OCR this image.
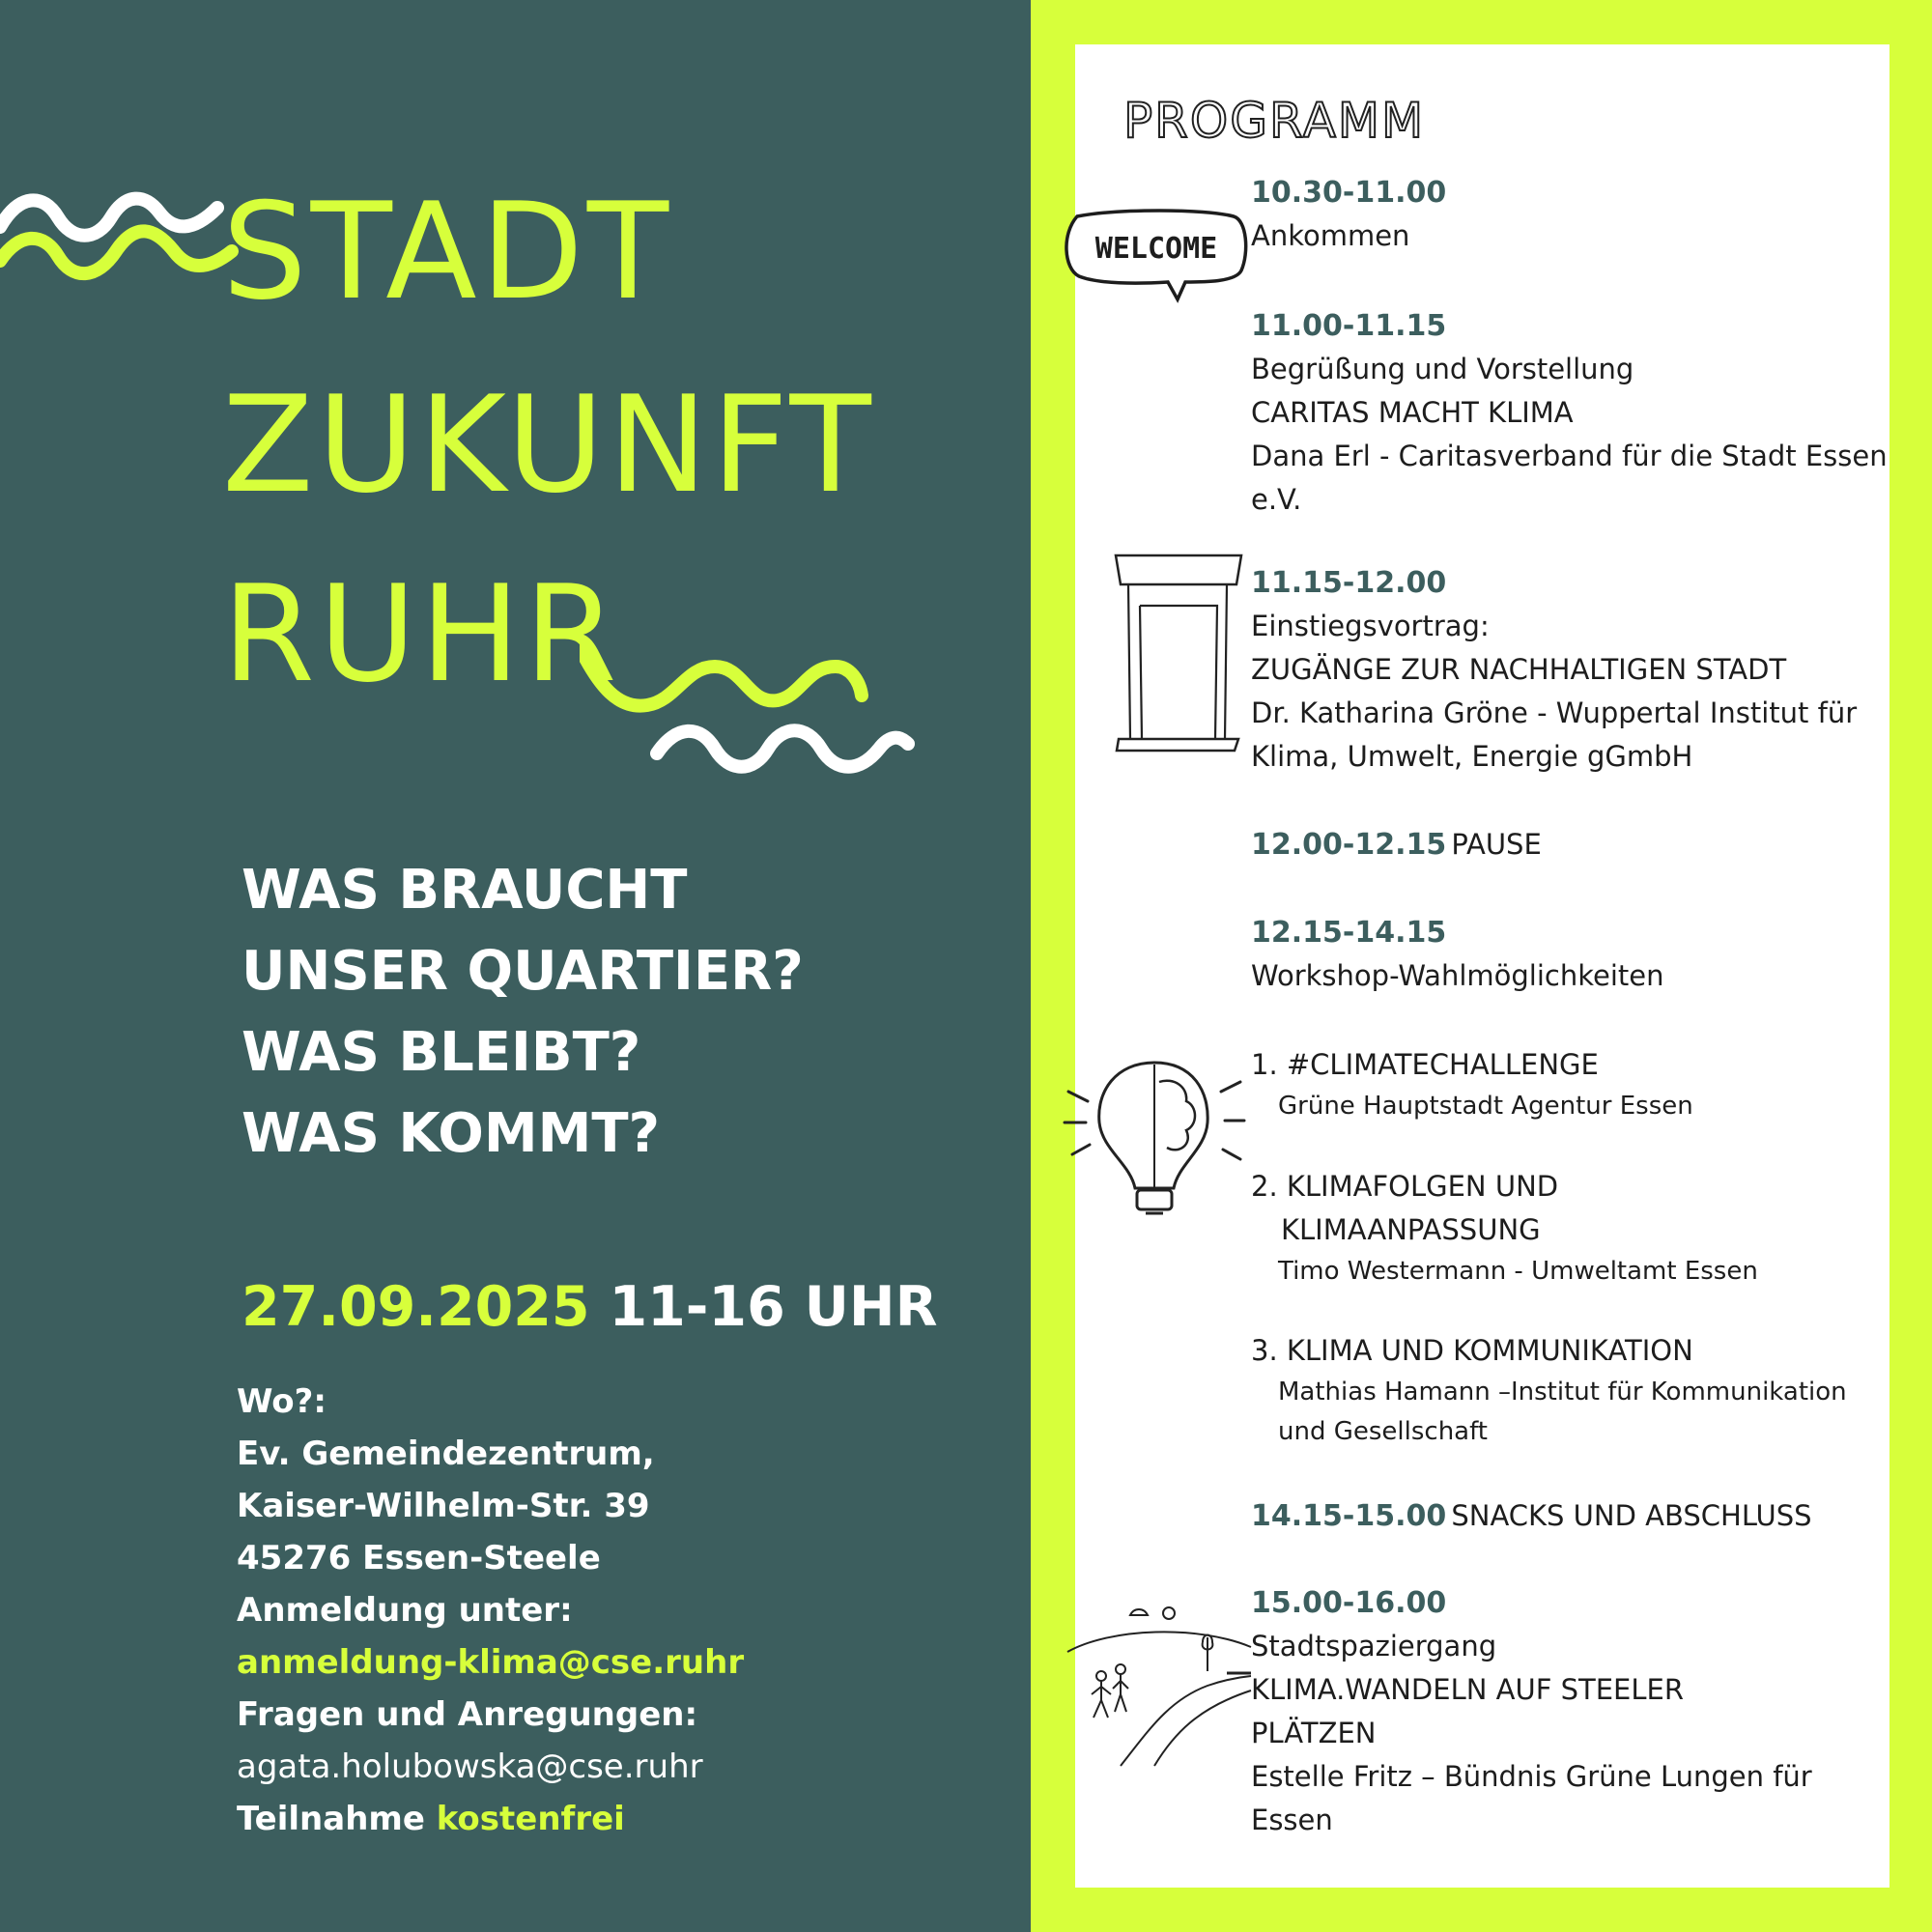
STADT
ZUKUNFT
RUHR
WAS BRAUCHT
UNSER QUARTIER?
WAS BLEIBT?
WAS KOMMT?
27.09.2025 11-16 UHR
Wo?:
Ev. Gemeindezentrum,
Kaiser-Wilhelm-Str. 39
45276 Essen-Steele
Anmeldung unter:
anmeldung-klima@cse.ruhr
Fragen und Anregungen:
agata.holubowska@cse.ruhr
Teilnahme kostenfrei
PROGRAMM
WELCOME
10.30-11.00
Ankommen
11.00-11.15
Begrüßung und Vorstellung
CARITAS MACHT KLIMA
Dana Erl - Caritasverband für die Stadt Essen
e.V.
11.15-12.00
Einstiegsvortrag:
ZUGÄNGE ZUR NACHHALTIGEN STADT
Dr. Katharina Gröne - Wuppertal Institut für
Klima, Umwelt, Energie gGmbH
12.00-12.15 PAUSE
12.15-14.15
Workshop-Wahlmöglichkeiten
1. #CLIMATECHALLENGE
Grüne Hauptstadt Agentur Essen
2. KLIMAFOLGEN UND
KLIMAANPASSUNG
Timo Westermann - Umweltamt Essen
3. KLIMA UND KOMMUNIKATION
Mathias Hamann –Institut für Kommunikation
und Gesellschaft
14.15-15.00 SNACKS UND ABSCHLUSS
15.00-16.00
Stadtspaziergang
KLIMA.WANDELN AUF STEELER
PLÄTZEN
Estelle Fritz – Bündnis Grüne Lungen für
Essen
